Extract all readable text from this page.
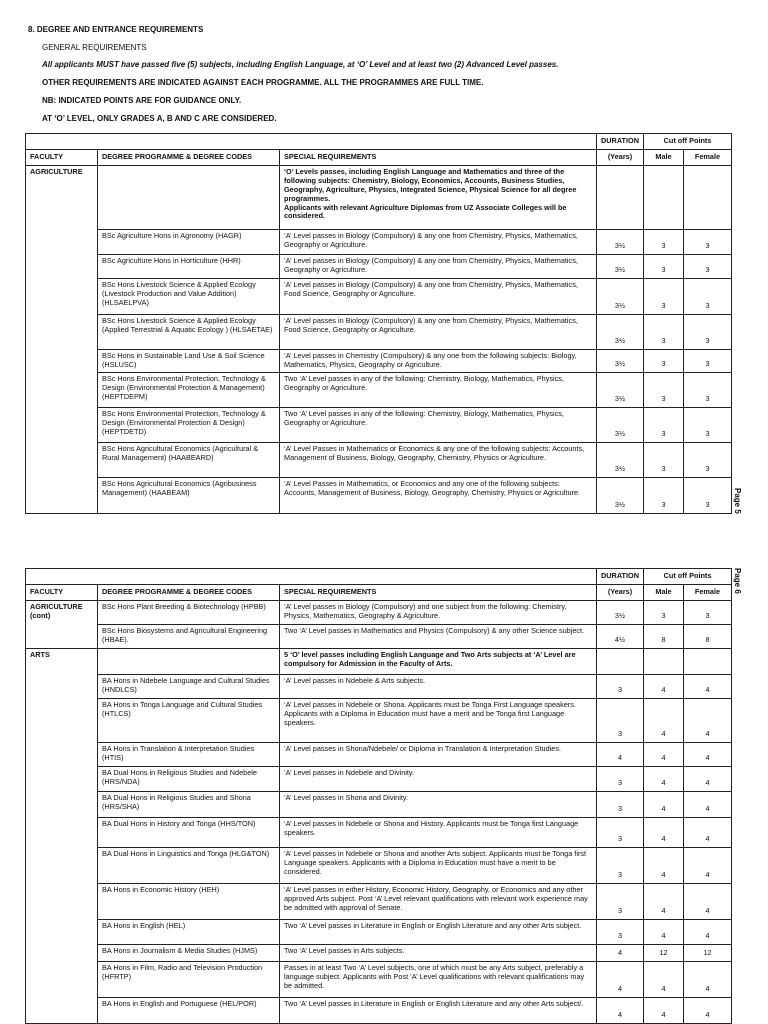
8. DEGREE AND ENTRANCE REQUIREMENTS
GENERAL REQUIREMENTS
All applicants MUST have passed five (5) subjects, including English Language, at ‘O’ Level and at least two (2) Advanced Level passes.
OTHER REQUIREMENTS ARE INDICATED AGAINST EACH PROGRAMME. ALL THE PROGRAMMES ARE FULL TIME.
NB: INDICATED POINTS ARE FOR GUIDANCE ONLY.
AT ‘O’ LEVEL, ONLY GRADES A, B AND C ARE CONSIDERED.
			DURATION	Cut off Points	
FACULTY	DEGREE PROGRAMME & DEGREE CODES	SPECIAL REQUIREMENTS	(Years)	Male	Female
AGRICULTURE		‘O’ Levels passes, including English Language and Mathematics and three of the following subjects: Chemistry, Biology, Economics, Accounts, Business Studies, Geography, Agriculture, Physics, Integrated Science, Physical Science for all degree programmes.
Applicants with relevant Agriculture Diplomas from UZ Associate Colleges will be considered.			
	BSc Agriculture Hons in Agronomy (HAGR)	‘A’ Level passes in Biology (Compulsory) & any one from Chemistry, Physics, Mathematics, Geography or Agriculture.	3½	3	3
	BSc Agriculture Hons in Horticulture (HHR)	‘A’ Level passes in Biology (Compulsory) & any one from Chemistry, Physics, Mathematics, Geography or Agriculture.	3½	3	3
	BSc Hons Livestock Science & Applied Ecology (Livestock Production and Value Addition) (HLSAELPVA)	‘A’ Level passes in Biology (Compulsory) & any one from Chemistry, Physics, Mathematics, Food Science, Geography or Agriculture.	3½	3	3
	BSc Hons Livestock Science & Applied Ecology (Applied Terrestrial & Aquatic Ecology ) (HLSAETAE)	‘A’ Level passes in Biology (Compulsory) & any one from Chemistry, Physics, Mathematics, Food Science, Geography or Agriculture.	3½	3	3
	BSc Hons in Sustainable Land Use & Soil Science (HSLUSC)	‘A’ Level passes in Chemistry (Compulsory) & any one from the following subjects: Biology, Mathematics, Physics, Geography or Agriculture.	3½	3	3
	BSc Hons Environmental Protection, Technology & Design (Environmental Protection & Management) (HEPTDEPM)	Two ‘A’ Level passes in any of the following: Chemistry, Biology, Mathematics, Physics, Geography or Agriculture.	3½	3	3
	BSc Hons Environmental Protection, Technology & Design (Environmental Protection & Design) (HEPTDETD)	Two ‘A’ Level passes in any of the following: Chemistry, Biology, Mathematics, Physics, Geography or Agriculture.	3½	3	3
	BSc Hons Agricultural Economics (Agricultural & Rural Management) (HAABEARD)	‘A’ Level Passes in Mathematics or Economics & any one of the following subjects: Accounts, Management of Business, Biology, Geography, Chemistry, Physics or Agriculture.	3½	3	3
	BSc Hons Agricultural Economics (Agribusiness Management) (HAABEAM)	‘A’ Level Passes in Mathematics, or Economics and any one of the following subjects: Accounts, Management of Business, Biology, Geography, Chemistry, Physics or Agriculture.	3½	3	3	Page 5
			DURATION	Cut off Points	
FACULTY	DEGREE PROGRAMME & DEGREE CODES	SPECIAL REQUIREMENTS	(Years)	Male	Female
AGRICULTURE (cont)	BSc Hons Plant Breeding & Biotechnology (HPBB)	‘A’ Level passes in Biology (Compulsory) and one subject from the following: Chemistry, Physics, Mathematics, Geography & Agriculture.	3½	3	3
	BSc Hons Biosystems and Agricultural Engineering (HBAE).	Two ‘A’ Level passes in Mathematics and Physics (Compulsory) & any other Science subject.	4½	8	8
ARTS		5 ‘O’ level passes including English Language and Two Arts subjects at ‘A’ Level are compulsory for Admission in the Faculty of Arts.			
	BA Hons in Ndebele Language and Cultural Studies (HNDLCS)	‘A’ Level passes in Ndebele & Arts subjects.	3	4	4
	BA Hons in Tonga Language and Cultural Studies (HTLCS)	‘A’ Level passes in Ndebele or Shona. Applicants must be Tonga First Language speakers. Applicants with a Diploma in Education must have a merit and be Tonga first Language speakers.	3	4	4
	BA Hons in Translation & Interpretation Studies (HTIS)	‘A’ Level passes in Shona/Ndebele/ or Diploma in Translation & Interpretation Studies.	4	4	4
	BA Dual Hons in Religious Studies and Ndebele (HRS/NDA)	‘A’ Level passes in Ndebele and Divinity.	3	4	4
	BA Dual Hons in Religious Studies and Shona (HRS/SHA)	‘A’ Level passes in Shona and Divinity.	3	4	4
	BA Dual Hons in History and Tonga (HHS/TON)	‘A’ Level passes in Ndebele or Shona and History. Applicants must be Tonga first Language speakers.	3	4	4
	BA Dual Hons in Linguistics and Tonga (HLG&TON)	‘A’ Level passes in Ndebele or Shona and another Arts subject. Applicants must be Tonga first Language speakers. Applicants with a Diploma in Education must have a merit to be considered.	3	4	4
	BA Hons in Economic History (HEH)	‘A’ Level passes in either History, Economic History, Geography, or Economics and any other approved Arts subject. Post ‘A’ Level relevant qualifications with relevant work experience may be admitted with approval of Senate.	3	4	4
	BA Hons in English (HEL)	Two ‘A’ Level passes in Literature in English or English Literature and any other Arts subject.	3	4	4
	BA Hons in Journalism & Media Studies (HJMS)	Two ‘A’ Level passes in Arts subjects.	4	12	12
	BA Hons in Film, Radio and Television Production (HFRTP)	Passes in at least Two ‘A’ Level subjects, one of which must be any Arts subject, preferably a language subject. Applicants with Post ‘A’ Level qualifications with relevant qualifications may be admitted.	4	4	4
	BA Hons in English and Portuguese (HEL/POR)	Two ‘A’ Level passes in Literature in English or English Literature and any other Arts subject/.	4	4	4
Page 6
